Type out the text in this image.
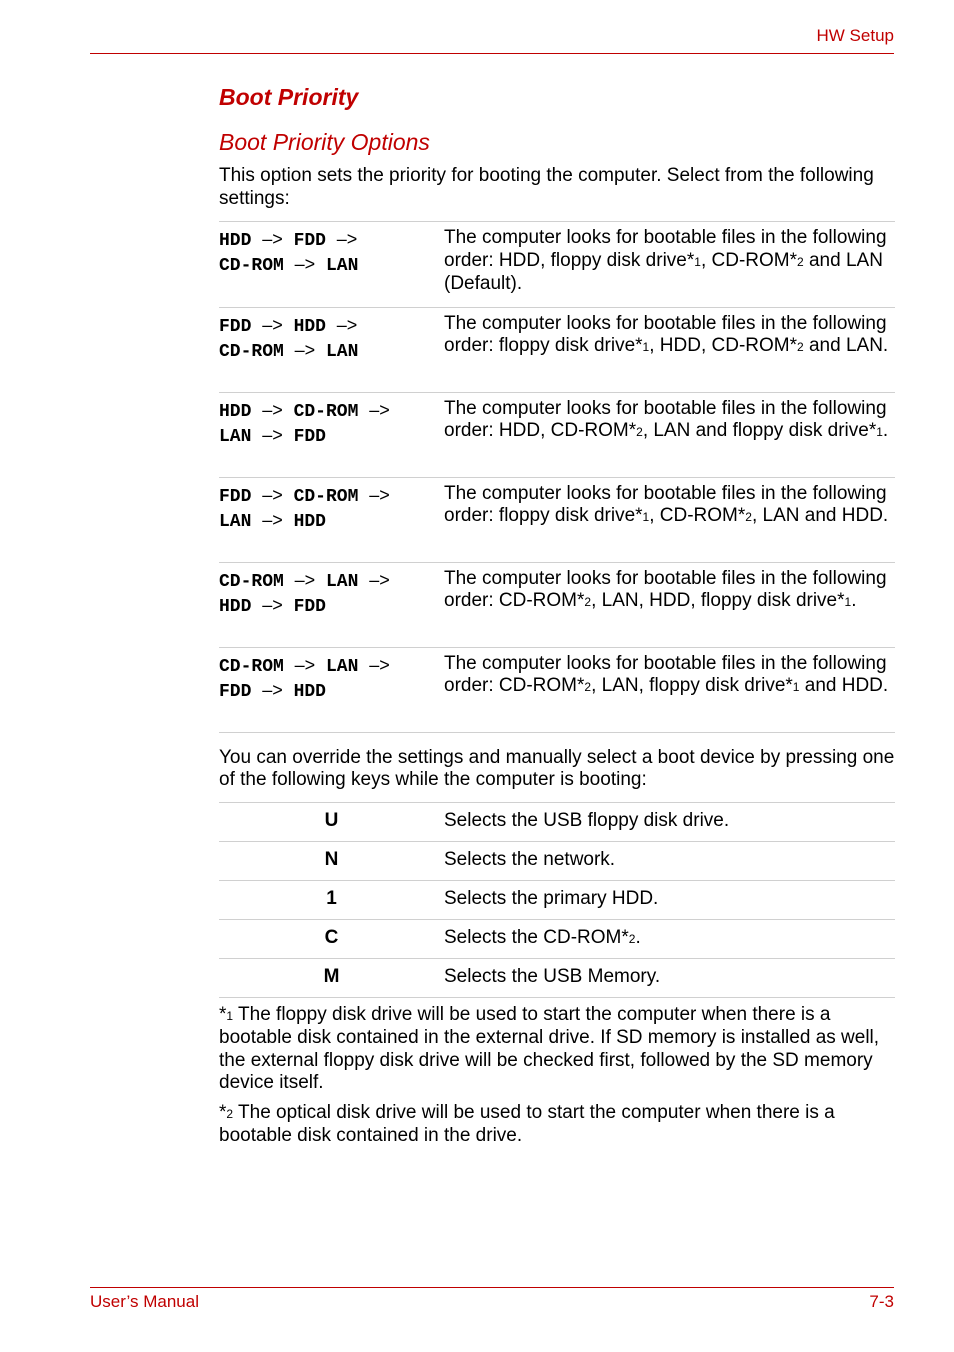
HW Setup
Boot Priority
Boot Priority Options

This option sets the priority for booting the computer. Select from the following settings:

HDD –> FDD –>
CD-ROM –> LAN	The computer looks for bootable files in the following order: HDD, floppy disk drive*1, CD-ROM*2 and LAN (Default).
FDD –> HDD –>
CD-ROM –> LAN	The computer looks for bootable files in the following order: floppy disk drive*1, HDD, CD-ROM*2 and LAN.
HDD –> CD-ROM –>
LAN –> FDD	The computer looks for bootable files in the following order: HDD, CD-ROM*2, LAN and floppy disk drive*1.
FDD –> CD-ROM –>
LAN –> HDD	The computer looks for bootable files in the following order: floppy disk drive*1, CD-ROM*2, LAN and HDD.
CD-ROM –> LAN –>
HDD –> FDD	The computer looks for bootable files in the following order: CD-ROM*2, LAN, HDD, floppy disk drive*1.
CD-ROM –> LAN –>
FDD –> HDD	The computer looks for bootable files in the following order: CD-ROM*2, LAN, floppy disk drive*1 and HDD.

You can override the settings and manually select a boot device by pressing one of the following keys while the computer is booting:

U	Selects the USB floppy disk drive.
N	Selects the network.
1	Selects the primary HDD.
C	Selects the CD-ROM*2.
M	Selects the USB Memory.

*1 The floppy disk drive will be used to start the computer when there is a bootable disk contained in the external drive. If SD memory is installed as well, the external floppy disk drive will be checked first, followed by the SD memory device itself.

*2 The optical disk drive will be used to start the computer when there is a bootable disk contained in the drive.

User’s Manual	7-3
